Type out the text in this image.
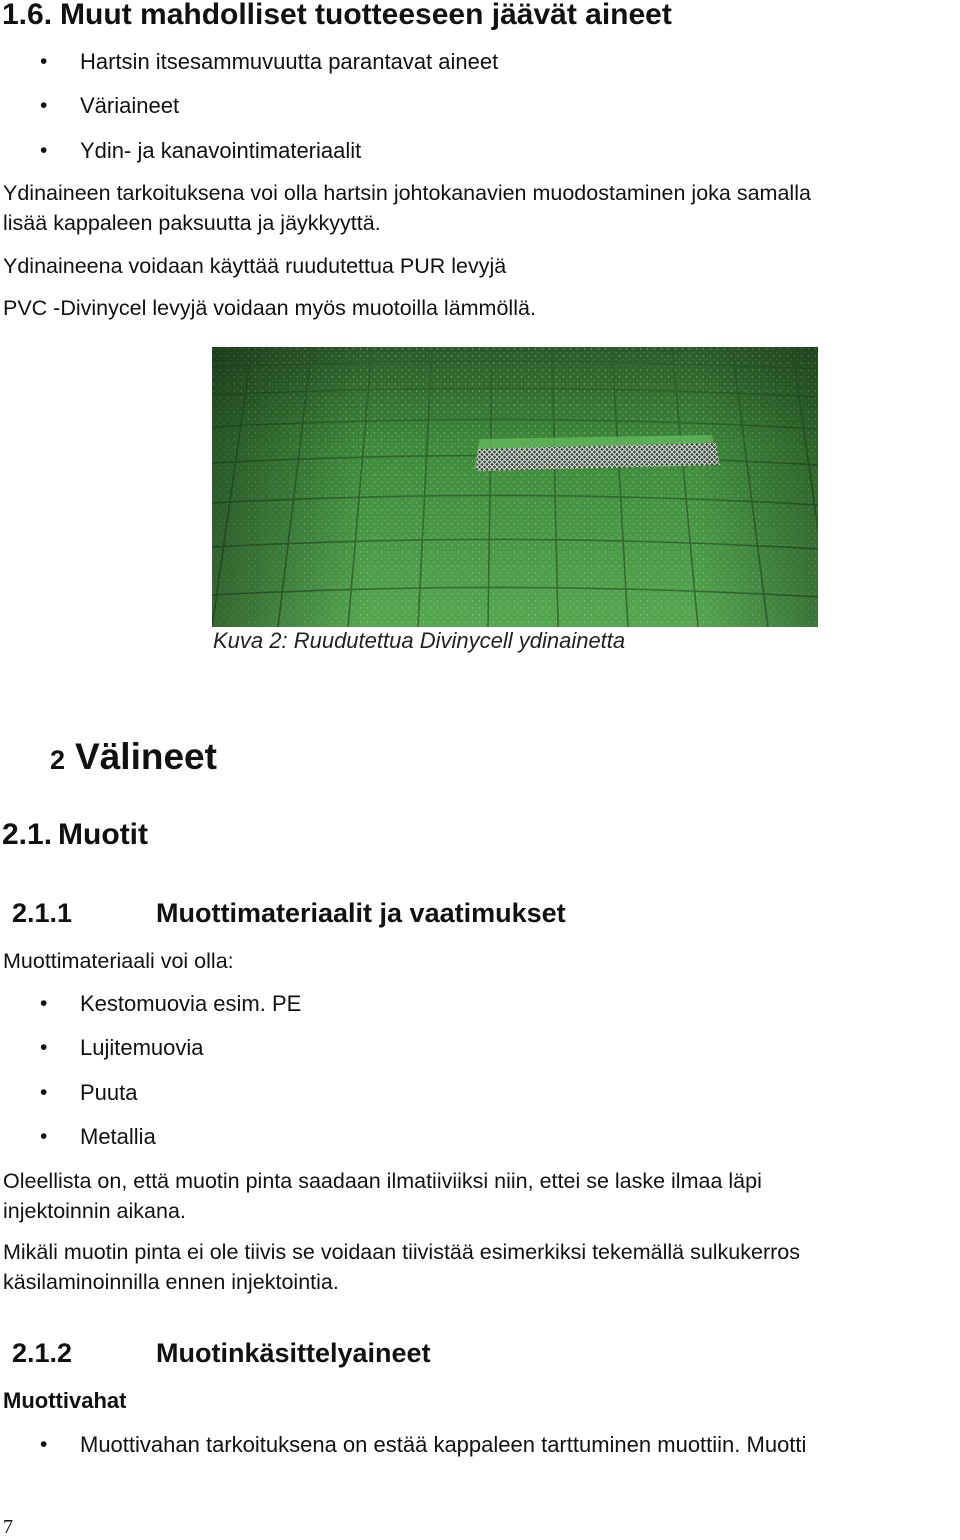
1.6. Muut mahdolliset tuotteeseen jäävät aineet
• Hartsin itsesammuvuutta parantavat aineet
• Väriaineet
• Ydin- ja kanavointimateriaalit
Ydinaineen tarkoituksena voi olla hartsin johtokanavien muodostaminen joka samalla
lisää kappaleen paksuutta ja jäykkyyttä.
Ydinaineena voidaan käyttää ruudutettua PUR levyjä
PVC -Divinycel levyjä voidaan myös muotoilla lämmöllä.
Kuva 2: Ruudutettua Divinycell ydinainetta
2 Välineet
2.1. Muotit
2.1.1	Muottimateriaalit ja vaatimukset
Muottimateriaali voi olla:
• Kestomuovia esim. PE
• Lujitemuovia
• Puuta
• Metallia
Oleellista on, että muotin pinta saadaan ilmatiiviiksi niin, ettei se laske ilmaa läpi
injektoinnin aikana.
Mikäli muotin pinta ei ole tiivis se voidaan tiivistää esimerkiksi tekemällä sulkukerros
käsilaminoinnilla ennen injektointia.
2.1.2	Muotinkäsittelyaineet
Muottivahat
• Muottivahan tarkoituksena on estää kappaleen tarttuminen muottiin. Muotti
7
